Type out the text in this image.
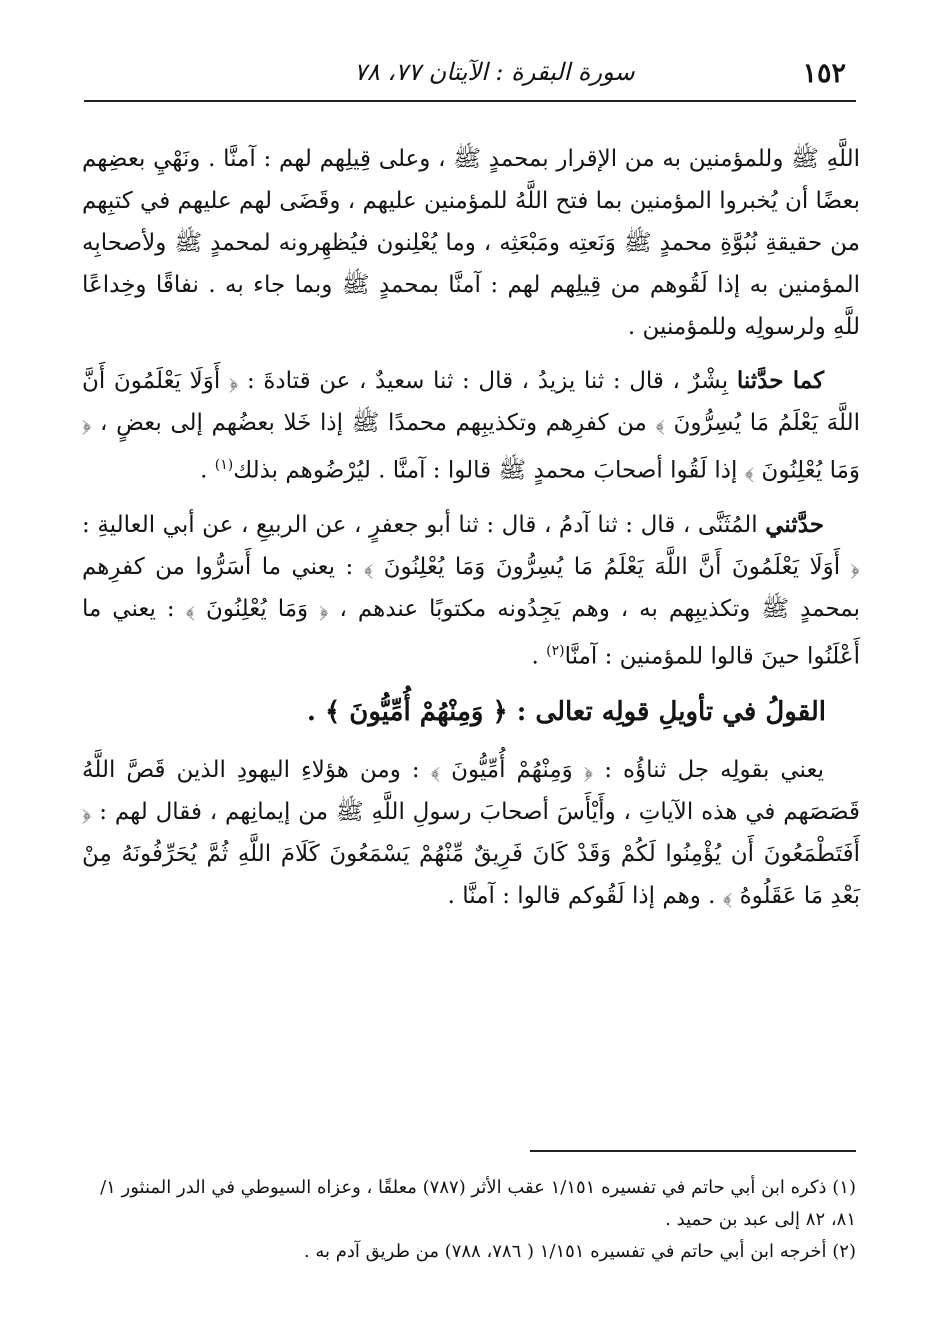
١٥٢
سورة البقرة : الآيتان ٧٧، ٧٨

اللَّهِ ﷺ وللمؤمنين به من الإقرار بمحمدٍ ﷺ ، وعلى قِيلِهم لهم : آمنَّا . ونَهْيِ بعضِهم بعضًا أن يُخبروا المؤمنين بما فتح اللَّهُ للمؤمنين عليهم ، وقَضَى لهم عليهم في كتبِهم من حقيقةِ نُبُوَّةِ محمدٍ ﷺ وَنَعتِه ومَبْعَثِه ، وما يُعْلِنون فيُظهِرونه لمحمدٍ ﷺ ولأصحابِه المؤمنين به إذا لَقُوهم من قِيلِهم لهم : آمنَّا بمحمدٍ ﷺ وبما جاء به . نفاقًا وخِداعًا للَّهِ ولرسولِه وللمؤمنين .

كما حدَّثنا بِشْرٌ ، قال : ثنا يزيدُ ، قال : ثنا سعيدٌ ، عن قتادةَ : ﴿ أَوَلَا يَعْلَمُونَ أَنَّ اللَّهَ يَعْلَمُ مَا يُسِرُّونَ ﴾ من كفرِهم وتكذيبِهم محمدًا ﷺ إذا خَلا بعضُهم إلى بعضٍ ، ﴿ وَمَا يُعْلِنُونَ ﴾ إذا لَقُوا أصحابَ محمدٍ ﷺ قالوا : آمنَّا . ليُرْضُوهم بذلك$^{(١)}$ .

حدَّثني المُثَنَّى ، قال : ثنا آدمُ ، قال : ثنا أبو جعفرٍ ، عن الربيعِ ، عن أبي العاليةِ : ﴿ أَوَلَا يَعْلَمُونَ أَنَّ اللَّهَ يَعْلَمُ مَا يُسِرُّونَ وَمَا يُعْلِنُونَ ﴾ : يعني ما أَسَرُّوا من كفرِهم بمحمدٍ ﷺ وتكذيبِهم به ، وهم يَجِدُونه مكتوبًا عندهم ، ﴿ وَمَا يُعْلِنُونَ ﴾ : يعني ما أَعْلَنُوا حينَ قالوا للمؤمنين : آمنَّا$^{(٢)}$ .

القولُ في تأويلِ قولِه تعالى : ﴿ وَمِنْهُمْ أُمِّيُّونَ ﴾ .

يعني بقولِه جل ثناؤُه : ﴿ وَمِنْهُمْ أُمِّيُّونَ ﴾ : ومن هؤلاءِ اليهودِ الذين قَصَّ اللَّهُ قَصَصَهم في هذه الآياتِ ، وأَيْأَسَ أصحابَ رسولِ اللَّهِ ﷺ من إيمانِهم ، فقال لهم : ﴿ أَفَتَطْمَعُونَ أَن يُؤْمِنُوا لَكُمْ وَقَدْ كَانَ فَرِيقٌ مِّنْهُمْ يَسْمَعُونَ كَلَامَ اللَّهِ ثُمَّ يُحَرِّفُونَهُ مِنْ بَعْدِ مَا عَقَلُوهُ ﴾ . وهم إذا لَقُوكم قالوا : آمنَّا .

(١) ذكره ابن أبي حاتم في تفسيره ١/١٥١ عقب الأثر (٧٨٧) معلقًا ، وعزاه السيوطي في الدر المنثور ١/ ٨١، ٨٢ إلى عبد بن حميد .

(٢) أخرجه ابن أبي حاتم في تفسيره ١/١٥١ ( ٧٨٦، ٧٨٨) من طريق آدم به .
